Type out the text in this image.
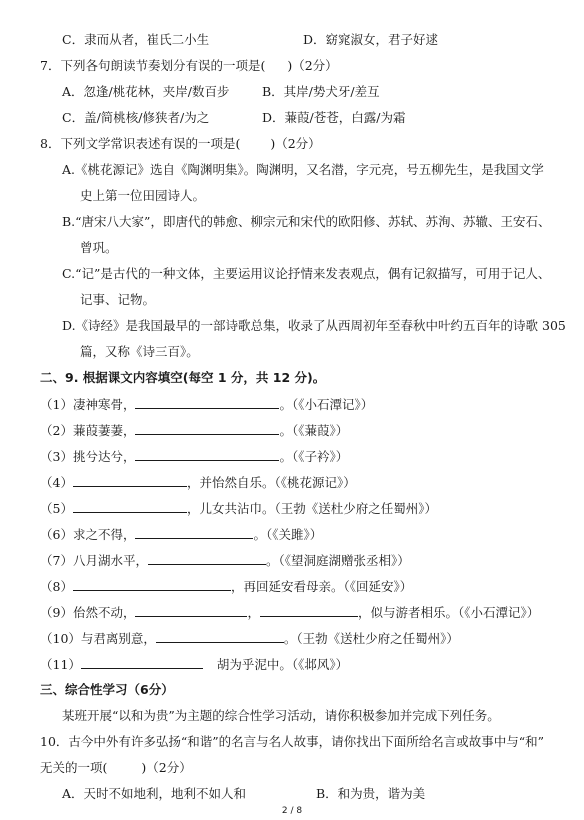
C．隶而从者，崔氏二小生	D．窈窕淑女，君子好逑
7．下列各句朗读节奏划分有误的一项是( )（2分）
A．忽逢/桃花林，夹岸/数百步	B．其岸/势犬牙/差互
C．盖/简桃核/修狭者/为之	D．蒹葭/苍苍，白露/为霜
8．下列文学常识表述有误的一项是( )（2分）
A.《桃花源记》选自《陶渊明集》。陶渊明，又名潜，字元亮，号五柳先生，是我国文学
史上第一位田园诗人。
B.“唐宋八大家”，即唐代的韩愈、柳宗元和宋代的欧阳修、苏轼、苏洵、苏辙、王安石、
曾巩。
C.“记”是古代的一种文体，主要运用议论抒情来发表观点，偶有记叙描写，可用于记人、
记事、记物。
D.《诗经》是我国最早的一部诗歌总集，收录了从西周初年至春秋中叶约五百年的诗歌 305
篇，又称《诗三百》。
二、9. 根据课文内容填空(每空 1 分，共 12 分)。
（1）凄神寒骨，	。（《小石潭记》）
（2）蒹葭萋萋，	。（《蒹葭》）
（3）挑兮达兮，	。（《子衿》）
（4）	，并怡然自乐。（《桃花源记》）
（5）	，儿女共沾巾。（王勃《送杜少府之任蜀州》）
（6）求之不得，	。（《关雎》）
（7）八月湖水平，	。（《望洞庭湖赠张丞相》）
（8）	，再回延安看母亲。（《回延安》）
（9）佁然不动，	，	，似与游者相乐。（《小石潭记》）
（10）与君离别意，	。（王勃《送杜少府之任蜀州》）
（11）	胡为乎泥中。（《邶风》）
三、综合性学习（6分）
某班开展“以和为贵”为主题的综合性学习活动，请你积极参加并完成下列任务。
10．古今中外有许多弘扬“和谐”的名言与名人故事，请你找出下面所给名言或故事中与“和”
无关的一项(	)（2分）
A．天时不如地利，地利不如人和	B．和为贵，谐为美
2 / 8
